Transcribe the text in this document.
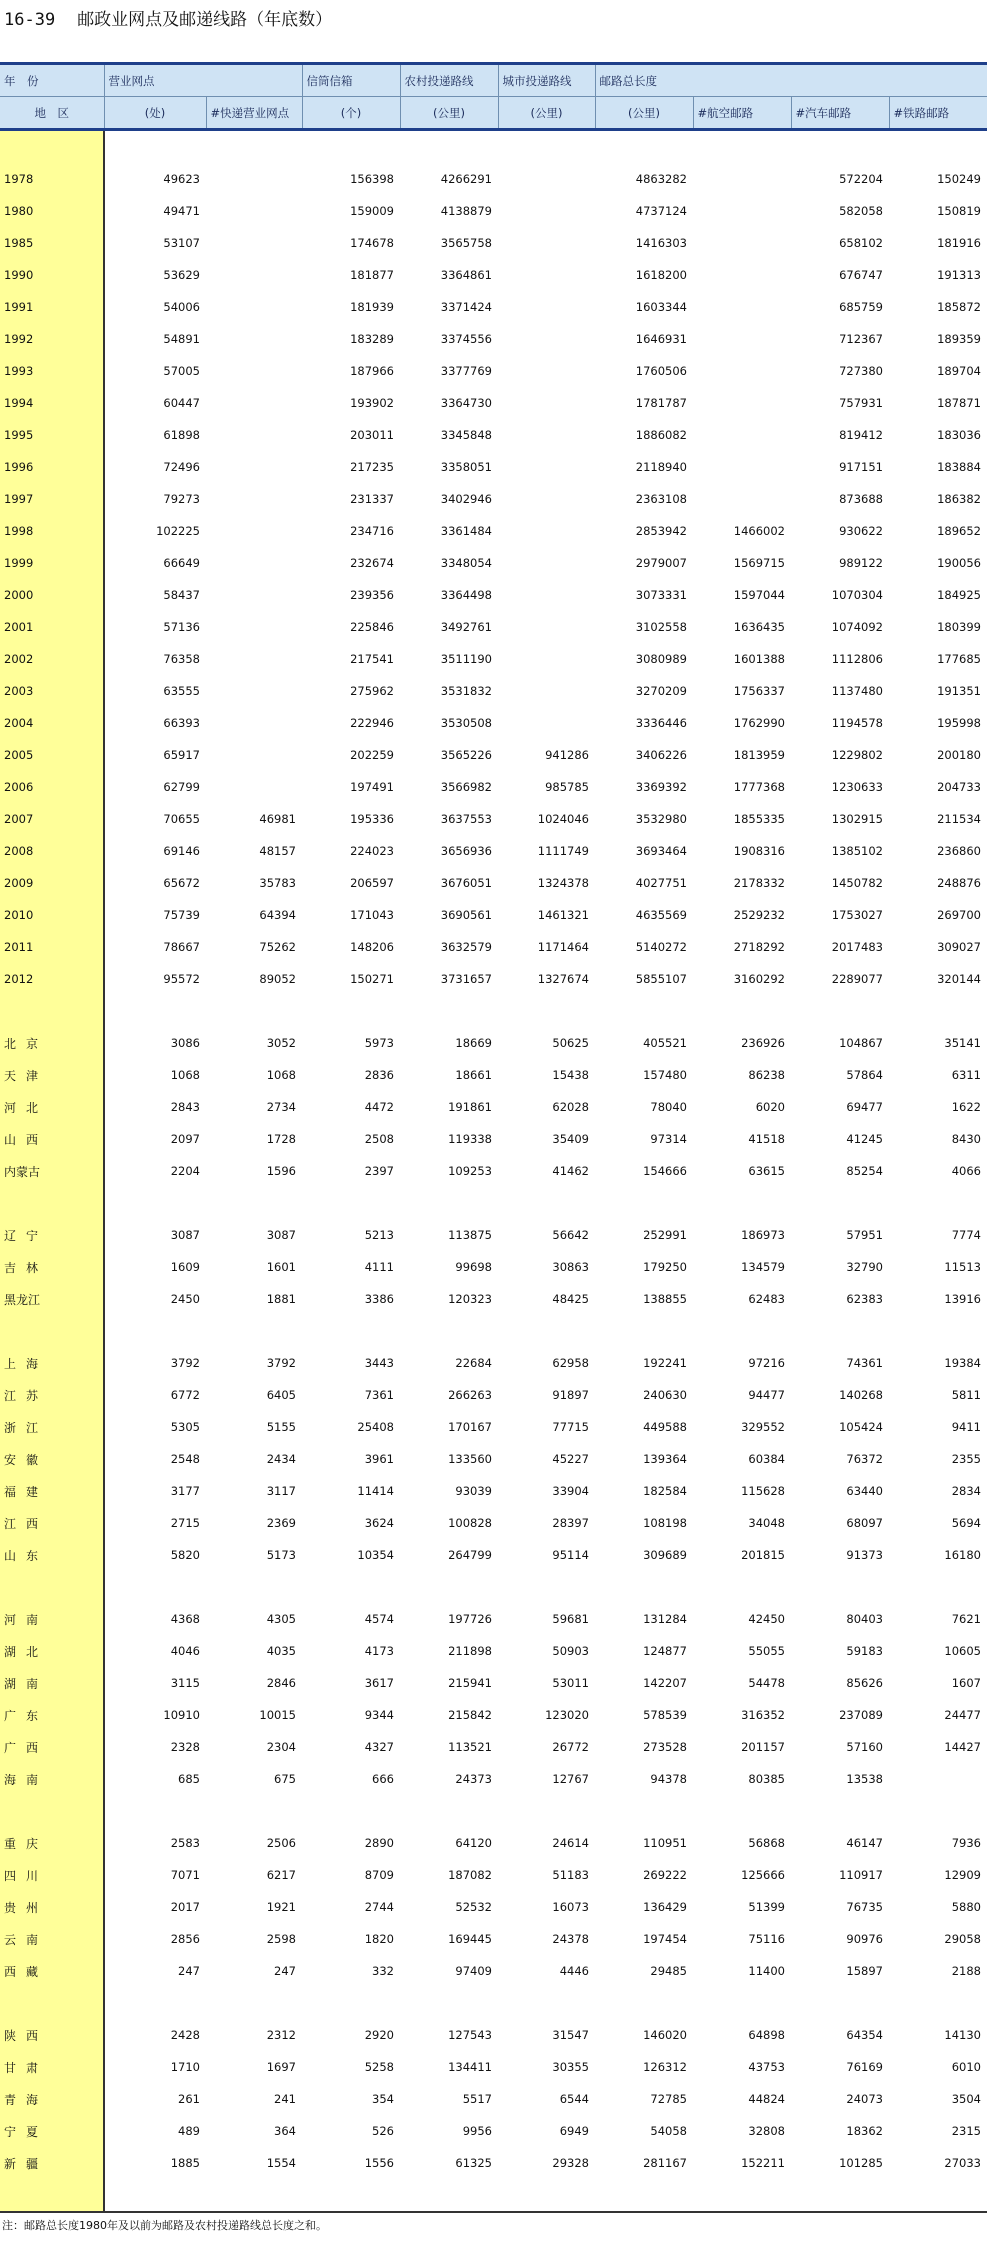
16-39 邮政业网点及邮递线路（年底数）
年　份	营业网点		信筒信箱	农村投递路线	城市投递路线	邮路总长度			
地　区	(处)	#快递营业网点	(个)	(公里)	(公里)	(公里)	#航空邮路	#汽车邮路	#铁路邮路

1978	49623		156398	4266291		4863282		572204	150249
1980	49471		159009	4138879		4737124		582058	150819
1985	53107		174678	3565758		1416303		658102	181916
1990	53629		181877	3364861		1618200		676747	191313
1991	54006		181939	3371424		1603344		685759	185872
1992	54891		183289	3374556		1646931		712367	189359
1993	57005		187966	3377769		1760506		727380	189704
1994	60447		193902	3364730		1781787		757931	187871
1995	61898		203011	3345848		1886082		819412	183036
1996	72496		217235	3358051		2118940		917151	183884
1997	79273		231337	3402946		2363108		873688	186382
1998	102225		234716	3361484		2853942	1466002	930622	189652
1999	66649		232674	3348054		2979007	1569715	989122	190056
2000	58437		239356	3364498		3073331	1597044	1070304	184925
2001	57136		225846	3492761		3102558	1636435	1074092	180399
2002	76358		217541	3511190		3080989	1601388	1112806	177685
2003	63555		275962	3531832		3270209	1756337	1137480	191351
2004	66393		222946	3530508		3336446	1762990	1194578	195998
2005	65917		202259	3565226	941286	3406226	1813959	1229802	200180
2006	62799		197491	3566982	985785	3369392	1777368	1230633	204733
2007	70655	46981	195336	3637553	1024046	3532980	1855335	1302915	211534
2008	69146	48157	224023	3656936	1111749	3693464	1908316	1385102	236860
2009	65672	35783	206597	3676051	1324378	4027751	2178332	1450782	248876
2010	75739	64394	171043	3690561	1461321	4635569	2529232	1753027	269700
2011	78667	75262	148206	3632579	1171464	5140272	2718292	2017483	309027
2012	95572	89052	150271	3731657	1327674	5855107	3160292	2289077	320144

北京	3086	3052	5973	18669	50625	405521	236926	104867	35141
天津	1068	1068	2836	18661	15438	157480	86238	57864	6311
河北	2843	2734	4472	191861	62028	78040	6020	69477	1622
山西	2097	1728	2508	119338	35409	97314	41518	41245	8430
内蒙古	2204	1596	2397	109253	41462	154666	63615	85254	4066

辽宁	3087	3087	5213	113875	56642	252991	186973	57951	7774
吉林	1609	1601	4111	99698	30863	179250	134579	32790	11513
黑龙江	2450	1881	3386	120323	48425	138855	62483	62383	13916

上海	3792	3792	3443	22684	62958	192241	97216	74361	19384
江苏	6772	6405	7361	266263	91897	240630	94477	140268	5811
浙江	5305	5155	25408	170167	77715	449588	329552	105424	9411
安徽	2548	2434	3961	133560	45227	139364	60384	76372	2355
福建	3177	3117	11414	93039	33904	182584	115628	63440	2834
江西	2715	2369	3624	100828	28397	108198	34048	68097	5694
山东	5820	5173	10354	264799	95114	309689	201815	91373	16180

河南	4368	4305	4574	197726	59681	131284	42450	80403	7621
湖北	4046	4035	4173	211898	50903	124877	55055	59183	10605
湖南	3115	2846	3617	215941	53011	142207	54478	85626	1607
广东	10910	10015	9344	215842	123020	578539	316352	237089	24477
广西	2328	2304	4327	113521	26772	273528	201157	57160	14427
海南	685	675	666	24373	12767	94378	80385	13538	

重庆	2583	2506	2890	64120	24614	110951	56868	46147	7936
四川	7071	6217	8709	187082	51183	269222	125666	110917	12909
贵州	2017	1921	2744	52532	16073	136429	51399	76735	5880
云南	2856	2598	1820	169445	24378	197454	75116	90976	29058
西藏	247	247	332	97409	4446	29485	11400	15897	2188

陕西	2428	2312	2920	127543	31547	146020	64898	64354	14130
甘肃	1710	1697	5258	134411	30355	126312	43753	76169	6010
青海	261	241	354	5517	6544	72785	44824	24073	3504
宁夏	489	364	526	9956	6949	54058	32808	18362	2315
新疆	1885	1554	1556	61325	29328	281167	152211	101285	27033

注：邮路总长度1980年及以前为邮路及农村投递路线总长度之和。
